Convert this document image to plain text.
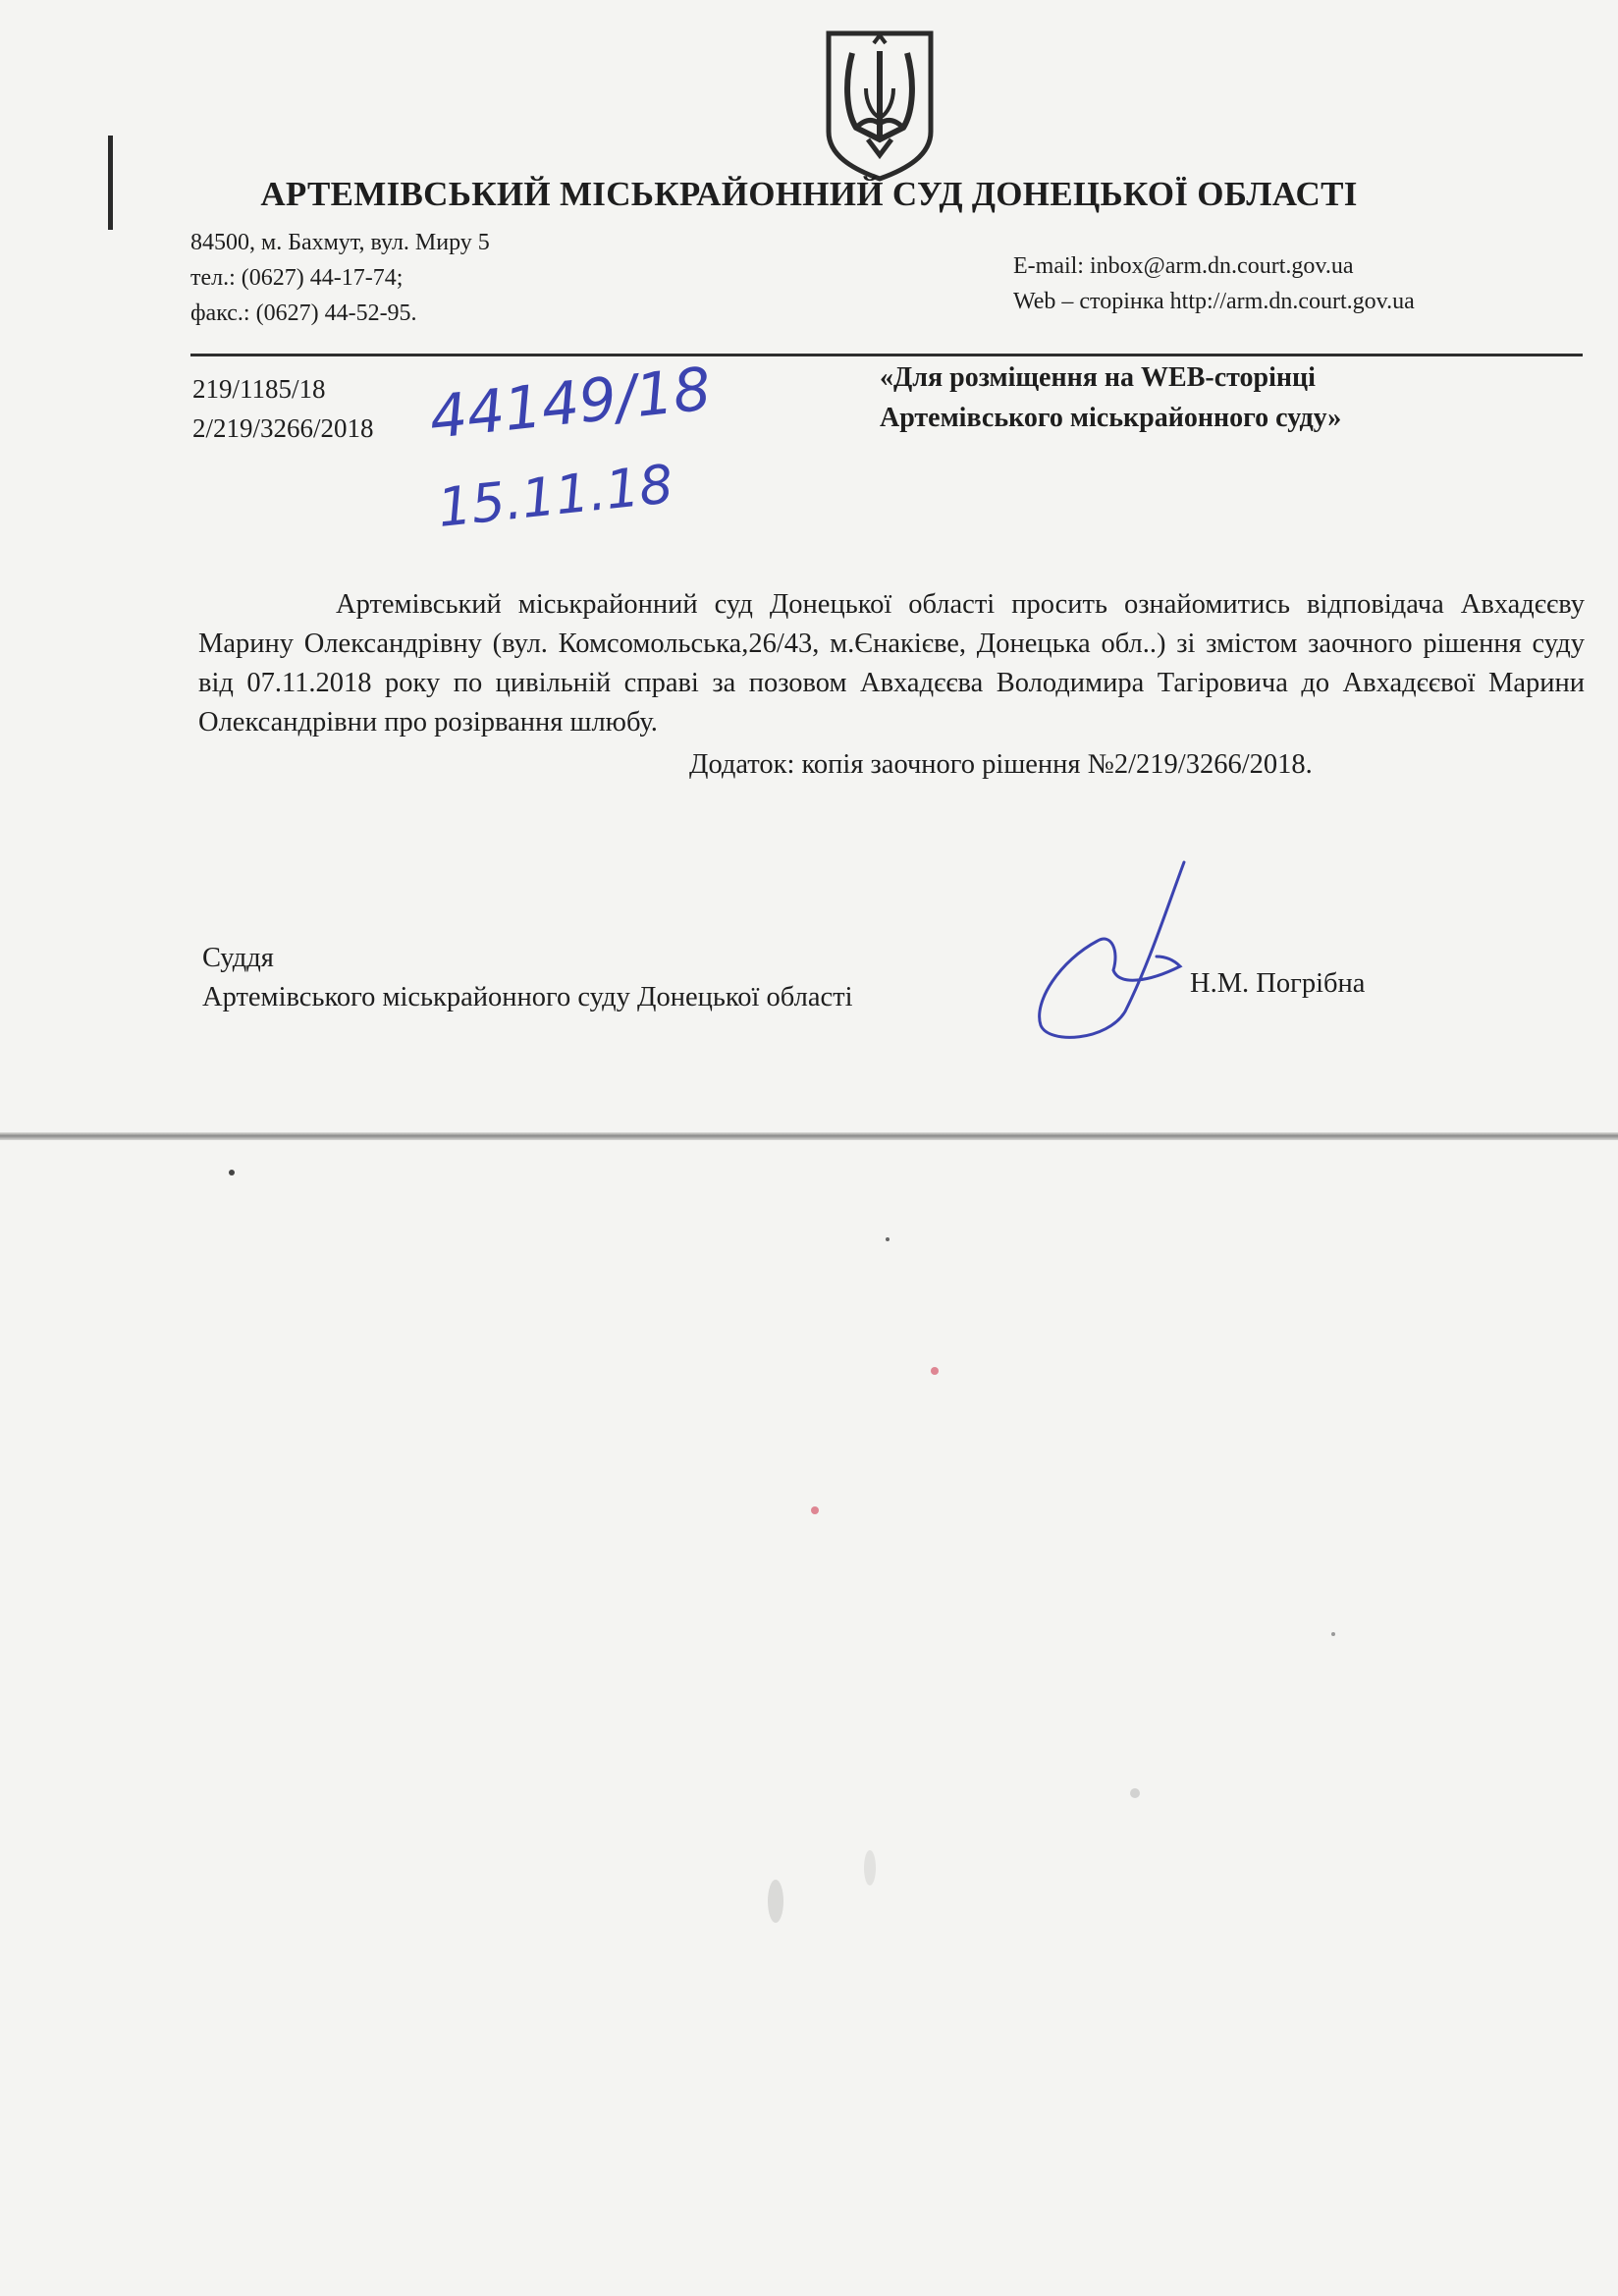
АРТЕМІВСЬКИЙ МІСЬКРАЙОННИЙ СУД ДОНЕЦЬКОЇ ОБЛАСТІ
84500, м. Бахмут, вул. Миру 5
тел.: (0627) 44-17-74;
факс.: (0627) 44-52-95.
E-mail: inbox@arm.dn.court.gov.ua
Web – сторінка http://arm.dn.court.gov.ua
219/1185/18
2/219/3266/2018 44149/18
15.11.18
«Для розміщення на WEB-сторінці
Артемівського міськрайонного суду»

Артемівський міськрайонний суд Донецької області просить ознайомитись відповідача Авхадєєву Марину Олександрівну (вул. Комсомольська,26/43, м.Єнакієве, Донецька обл..) зі змістом заочного рішення суду від 07.11.2018 року по цивільній справі за позовом Авхадєєва Володимира Тагіровича до Авхадєєвої Марини Олександрівни про розірвання шлюбу.

Додаток: копія заочного рішення №2/219/3266/2018.
Суддя
Артемівського міськрайонного суду Донецької області	Н.М. Погрібна
